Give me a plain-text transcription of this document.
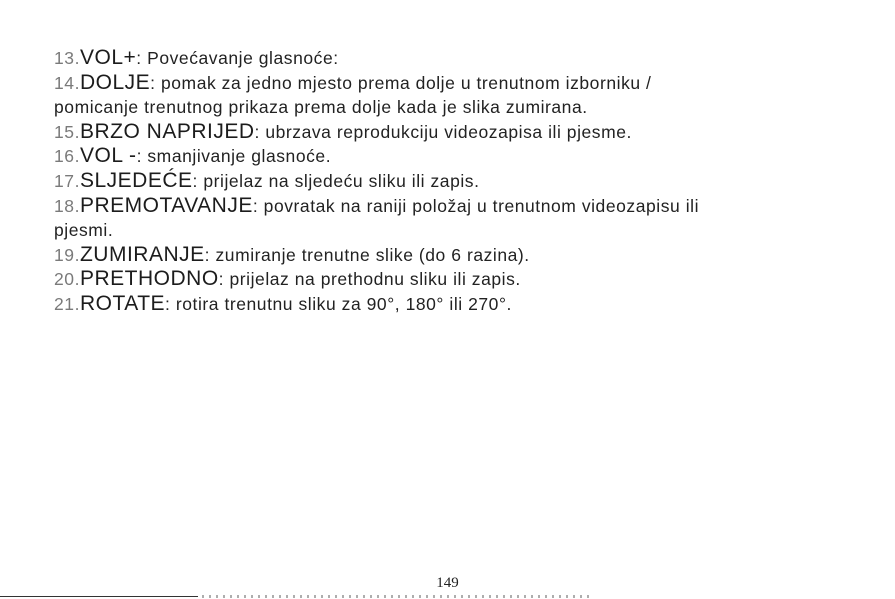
13.VOL+: Povećavanje glasnoće:
14.DOLJE: pomak za jedno mjesto prema dolje u trenutnom izborniku /
pomicanje trenutnog prikaza prema dolje kada je slika zumirana.
15.BRZO NAPRIJED: ubrzava reprodukciju videozapisa ili pjesme.
16.VOL -: smanjivanje glasnoće.
17.SLJEDEĆE: prijelaz na sljedeću sliku ili zapis.
18.PREMOTAVANJE: povratak na raniji položaj u trenutnom videozapisu ili
pjesmi.
19.ZUMIRANJE: zumiranje trenutne slike (do 6 razina).
20.PRETHODNO: prijelaz na prethodnu sliku ili zapis.
21.ROTATE: rotira trenutnu sliku za 90°, 180° ili 270°.
149
